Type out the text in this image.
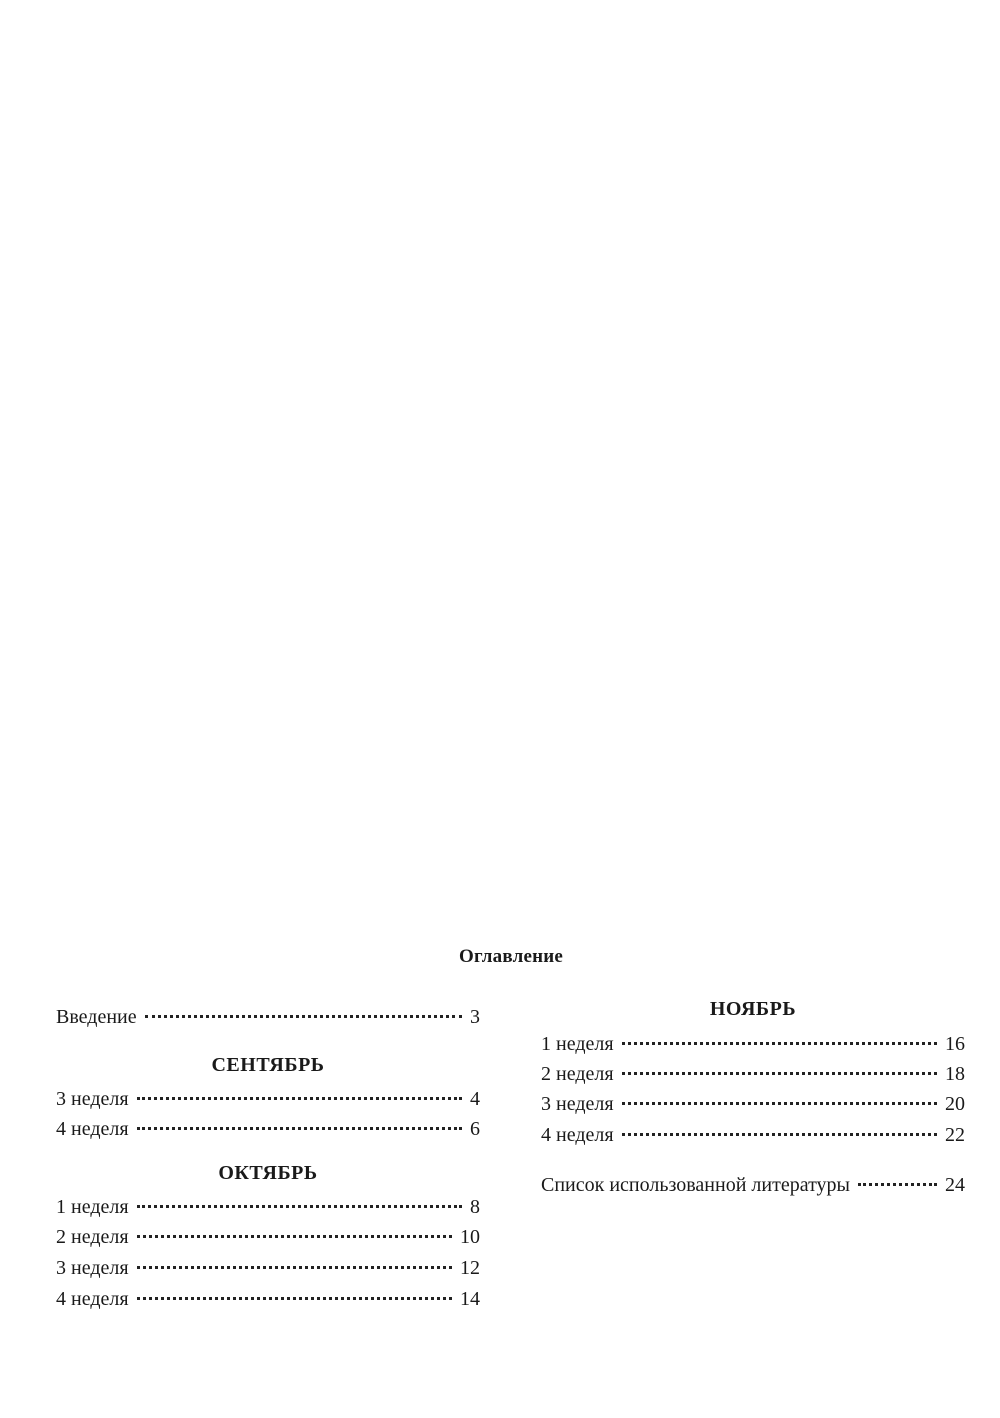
Оглавление
Введение	3
СЕНТЯБРЬ
3 неделя	4
4 неделя	6
ОКТЯБРЬ
1 неделя	8
2 неделя	10
3 неделя	12
4 неделя	14
НОЯБРЬ
1 неделя	16
2 неделя	18
3 неделя	20
4 неделя	22
Список использованной литературы	24
